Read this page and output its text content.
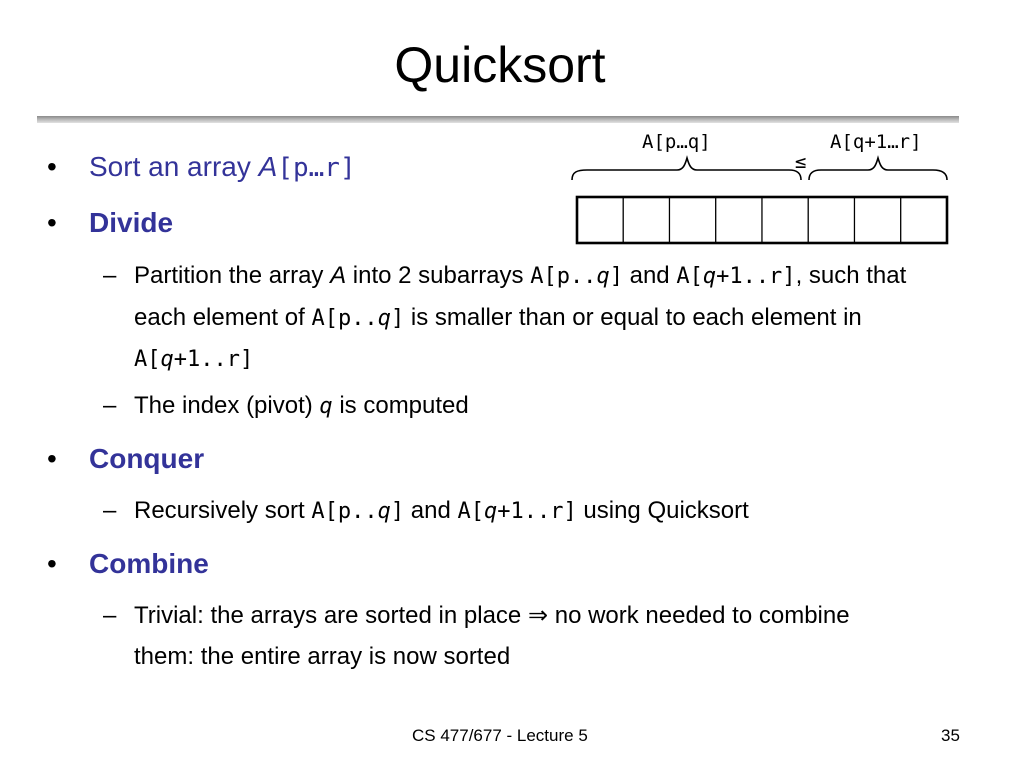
Quicksort
• Sort an array A[p…r]
• Divide
– Partition the array A into 2 subarrays A[p..q] and A[q+1..r], such that each element of A[p..q] is smaller than or equal to each element in A[q+1..r]
– The index (pivot) q is computed
• Conquer
– Recursively sort A[p..q] and A[q+1..r] using Quicksort
• Combine
– Trivial: the arrays are sorted in place ⇒ no work needed to combine them: the entire array is now sorted
A[p…q]
≤
A[q+1…r]
CS 477/677 - Lecture 5	35
